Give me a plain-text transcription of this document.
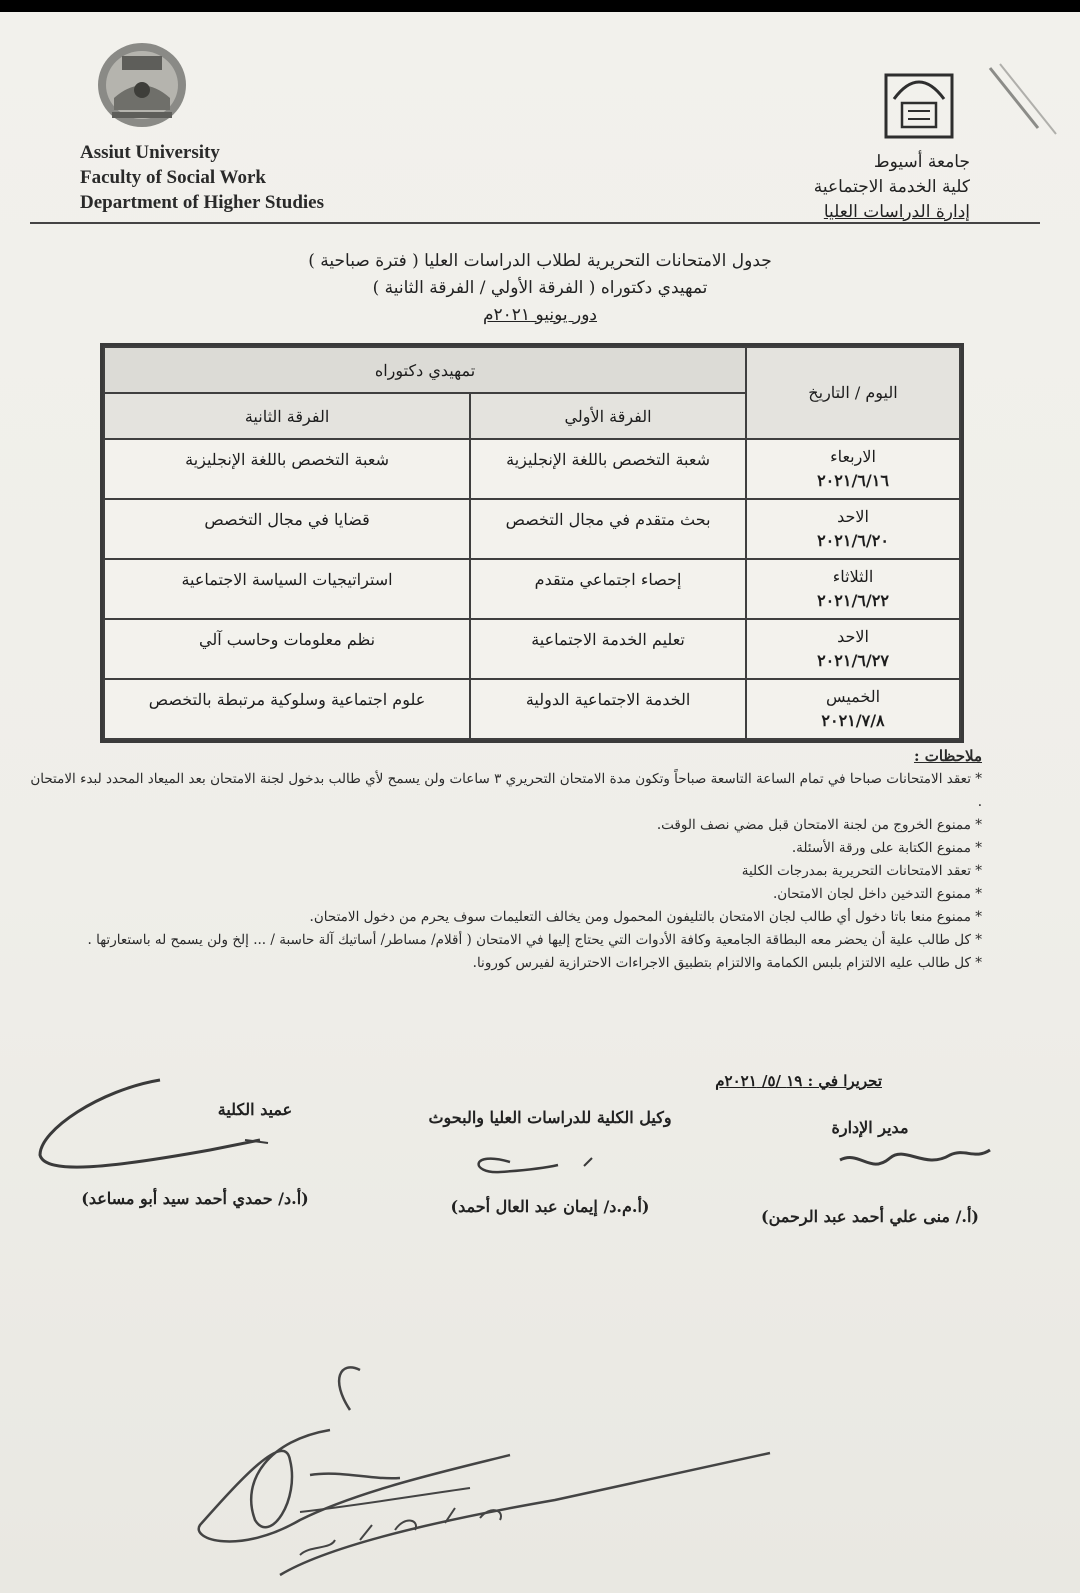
Assiut University
Faculty of Social Work
Department of Higher Studies
جامعة أسيوط
كلية الخدمة الاجتماعية
إدارة الدراسات العليا
جدول الامتحانات التحريرية لطلاب الدراسات العليا ( فترة صباحية )
تمهيدي دكتوراه ( الفرقة الأولي / الفرقة الثانية )
دور يونيو ٢٠٢١م
اليوم / التاريخ	تمهيدي دكتوراه	
	الفرقة الأولي	الفرقة الثانية

الاربعاء
٢٠٢١/٦/١٦	شعبة التخصص باللغة الإنجليزية	شعبة التخصص باللغة الإنجليزية

الاحد
٢٠٢١/٦/٢٠	بحث متقدم في مجال التخصص	قضايا في مجال التخصص

الثلاثاء
٢٠٢١/٦/٢٢	إحصاء اجتماعي متقدم	استراتيجيات السياسة الاجتماعية

الاحد
٢٠٢١/٦/٢٧	تعليم الخدمة الاجتماعية	نظم معلومات وحاسب آلي

الخميس
٢٠٢١/٧/٨	الخدمة الاجتماعية الدولية	علوم اجتماعية وسلوكية مرتبطة بالتخصص
ملاحظات :
* تعقد الامتحانات صباحا في تمام الساعة التاسعة صباحاً وتكون مدة الامتحان التحريري ٣ ساعات ولن يسمح لأي طالب بدخول لجنة الامتحان بعد الميعاد المحدد لبدء الامتحان .
* ممنوع الخروج من لجنة الامتحان قبل مضي نصف الوقت.
* ممنوع الكتابة على ورقة الأسئلة.
* تعقد الامتحانات التحريرية بمدرجات الكلية
* ممنوع التدخين داخل لجان الامتحان.
* ممنوع منعا باتا دخول أي طالب لجان الامتحان بالتليفون المحمول ومن يخالف التعليمات سوف يحرم من دخول الامتحان.
* كل طالب علية أن يحضر معه البطاقة الجامعية وكافة الأدوات التي يحتاج إليها في الامتحان ( أقلام/ مساطر/ أساتيك آلة حاسبة / ... إلخ ولن يسمح له باستعارتها .
* كل طالب عليه الالتزام بلبس الكمامة والالتزام بتطبيق الاجراءات الاحترازية لفيرس كورونا.
تحريرا في : ١٩ /٥/ ٢٠٢١م
مدير الإدارة
(أ./ منى علي أحمد عبد الرحمن)
وكيل الكلية للدراسات العليا والبحوث
(أ.م.د/ إيمان عبد العال أحمد)
عميد الكلية
(أ.د/ حمدي أحمد سيد أبو مساعد)
